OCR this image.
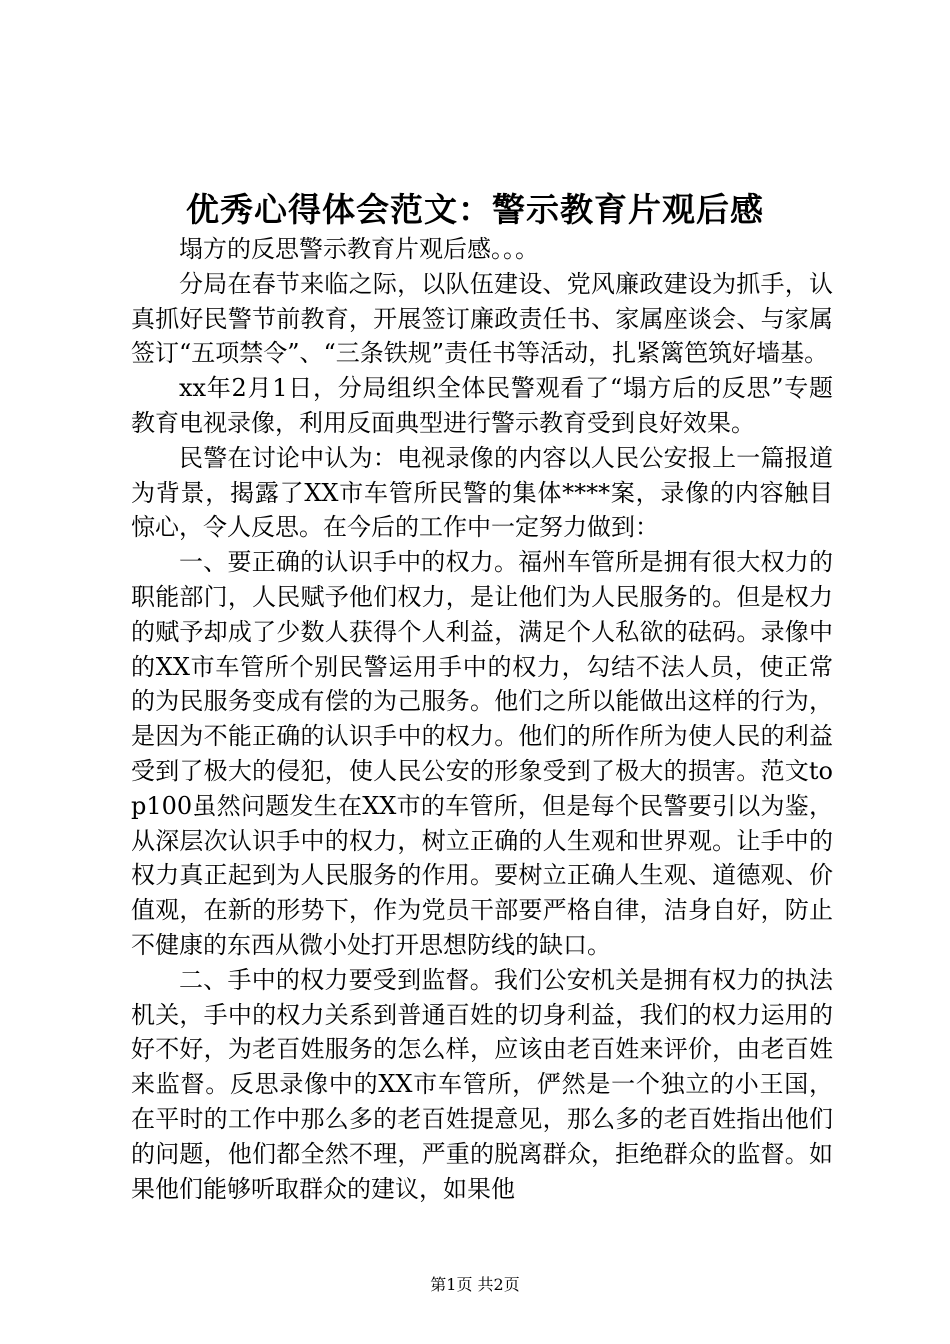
优秀心得体会范文：警示教育片观后感

塌方的反思警示教育片观后感。。。

分局在春节来临之际，以队伍建设、党风廉政建设为抓手，认真抓好民警节前教育，开展签订廉政责任书、家属座谈会、与家属签订“五项禁令”、“三条铁规”责任书等活动，扎紧篱笆筑好墙基。

xx年2月1日，分局组织全体民警观看了“塌方后的反思”专题教育电视录像，利用反面典型进行警示教育受到良好效果。

民警在讨论中认为：电视录像的内容以人民公安报上一篇报道为背景，揭露了XX市车管所民警的集体****案，录像的内容触目惊心，令人反思。在今后的工作中一定努力做到：

一、要正确的认识手中的权力。福州车管所是拥有很大权力的职能部门，人民赋予他们权力，是让他们为人民服务的。但是权力的赋予却成了少数人获得个人利益，满足个人私欲的砝码。录像中的XX市车管所个别民警运用手中的权力，勾结不法人员，使正常的为民服务变成有偿的为己服务。他们之所以能做出这样的行为，是因为不能正确的认识手中的权力。他们的所作所为使人民的利益受到了极大的侵犯，使人民公安的形象受到了极大的损害。范文top100虽然问题发生在XX市的车管所，但是每个民警要引以为鉴，从深层次认识手中的权力，树立正确的人生观和世界观。让手中的权力真正起到为人民服务的作用。要树立正确人生观、道德观、价值观，在新的形势下，作为党员干部要严格自律，洁身自好，防止不健康的东西从微小处打开思想防线的缺口。

二、手中的权力要受到监督。我们公安机关是拥有权力的执法机关，手中的权力关系到普通百姓的切身利益，我们的权力运用的好不好，为老百姓服务的怎么样，应该由老百姓来评价，由老百姓来监督。反思录像中的XX市车管所，俨然是一个独立的小王国，在平时的工作中那么多的老百姓提意见，那么多的老百姓指出他们的问题，他们都全然不理，严重的脱离群众，拒绝群众的监督。如果他们能够听取群众的建议，如果他

第1页 共2页
